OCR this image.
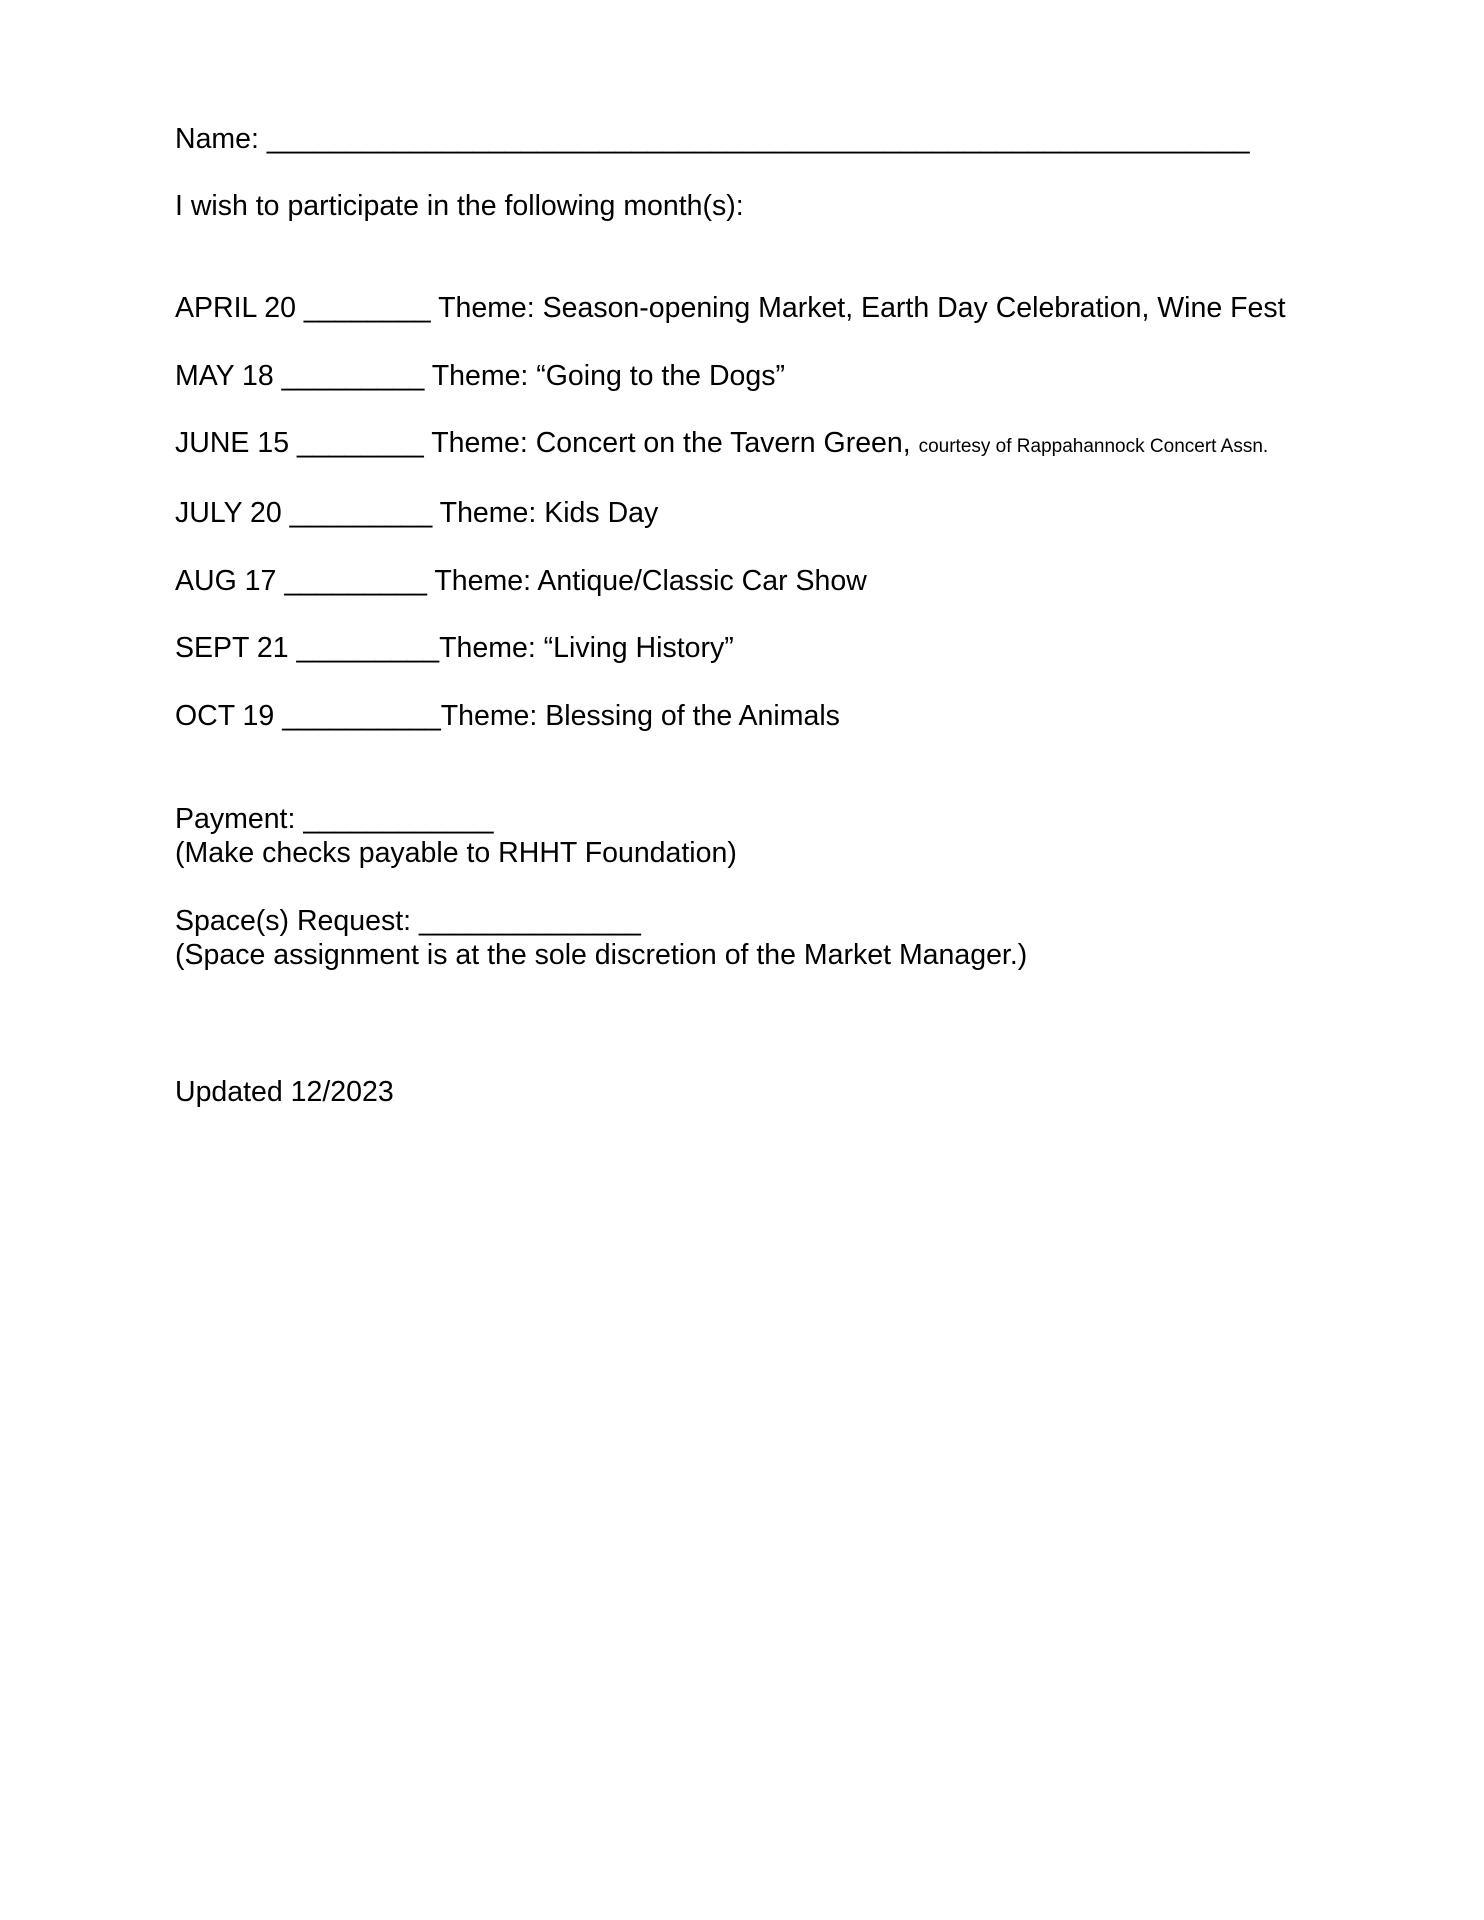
Name: ______________________________________________________________
I wish to participate in the following month(s):
APRIL 20 ________ Theme: Season-opening Market, Earth Day Celebration, Wine Fest
MAY 18 _________ Theme: “Going to the Dogs”
JUNE 15 ________ Theme: Concert on the Tavern Green, courtesy of Rappahannock Concert Assn.
JULY 20 _________ Theme: Kids Day
AUG 17 _________ Theme: Antique/Classic Car Show
SEPT 21 _________Theme: “Living History”
OCT 19 __________Theme: Blessing of the Animals
Payment: ____________
(Make checks payable to RHHT Foundation)
Space(s) Request: ______________
(Space assignment is at the sole discretion of the Market Manager.)
Updated 12/2023
